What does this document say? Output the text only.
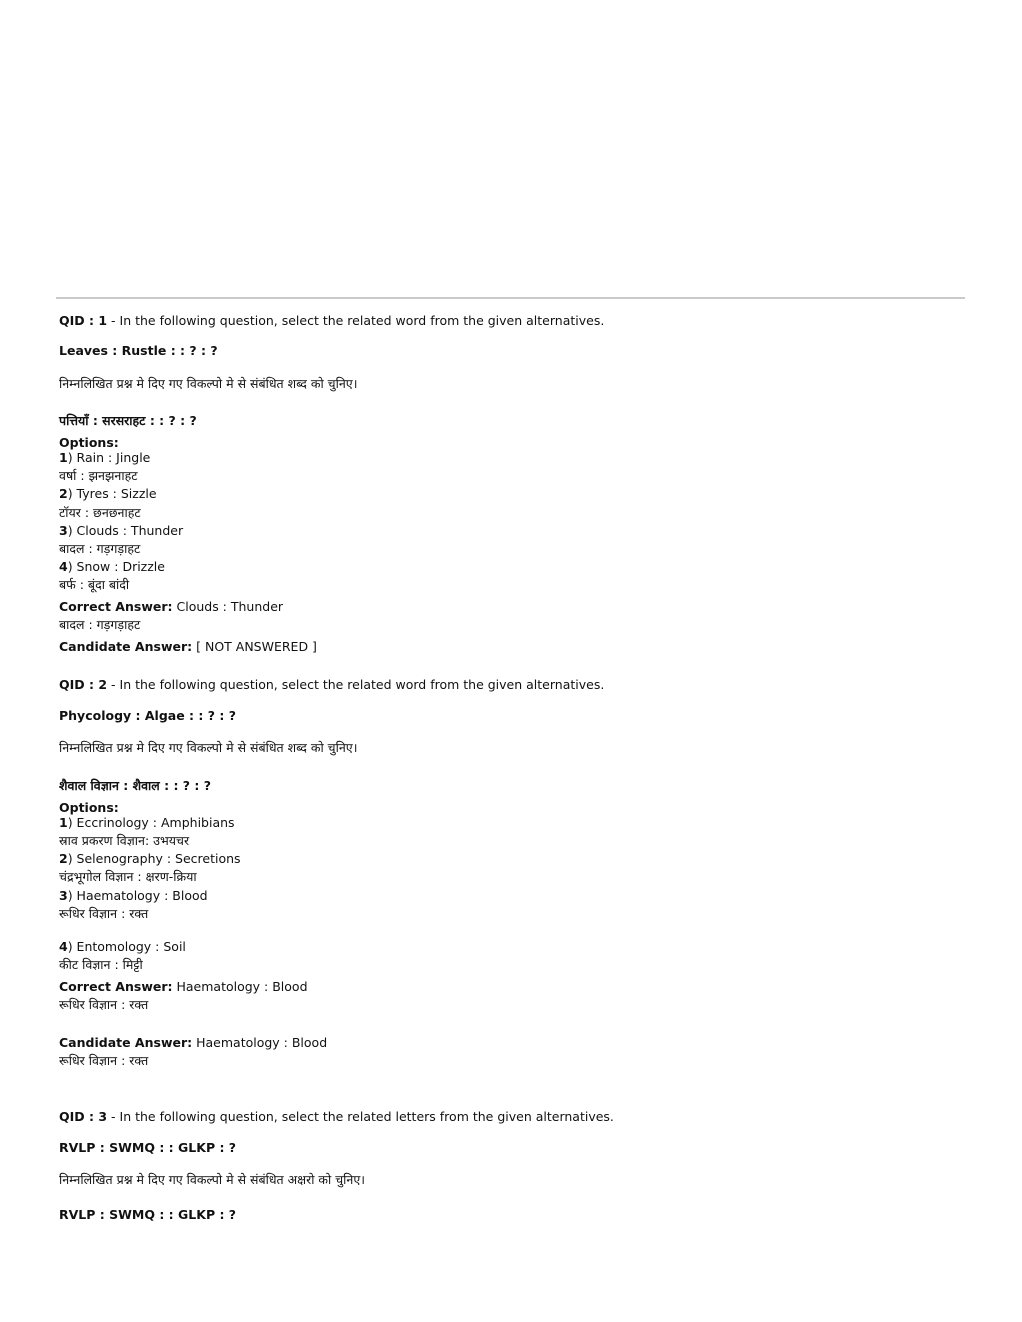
QID : 1 - In the following question, select the related word from the given alternatives.
Leaves : Rustle : : ? : ?
निम्नलिखित प्रश्न मे दिए गए विकल्पो मे से संबंधित शब्द को चुनिए।
पत्तियाँ : सरसराहट : : ? : ?
Options:
1) Rain : Jingle
वर्षा : झनझनाहट
2) Tyres : Sizzle
टॉयर : छनछनाहट
3) Clouds : Thunder
बादल : गड़गड़ाहट
4) Snow : Drizzle
बर्फ : बूंदा बांदी
Correct Answer: Clouds : Thunder
बादल : गड़गड़ाहट
Candidate Answer: [ NOT ANSWERED ]
QID : 2 - In the following question, select the related word from the given alternatives.
Phycology : Algae : : ? : ?
निम्नलिखित प्रश्न मे दिए गए विकल्पो मे से संबंधित शब्द को चुनिए।
शैवाल विज्ञान : शैवाल : : ? : ?
Options:
1) Eccrinology : Amphibians
स्राव प्रकरण विज्ञान: उभयचर
2) Selenography : Secretions
चंद्रभूगोल विज्ञान : क्षरण-क्रिया
3) Haematology : Blood
रूधिर विज्ञान : रक्त
4) Entomology : Soil
कीट विज्ञान : मिट्टी
Correct Answer: Haematology : Blood
रूधिर विज्ञान : रक्त
Candidate Answer: Haematology : Blood
रूधिर विज्ञान : रक्त
QID : 3 - In the following question, select the related letters from the given alternatives.
RVLP : SWMQ : : GLKP : ?
निम्नलिखित प्रश्न मे दिए गए विकल्पो मे से संबंधित अक्षरो को चुनिए।
RVLP : SWMQ : : GLKP : ?
